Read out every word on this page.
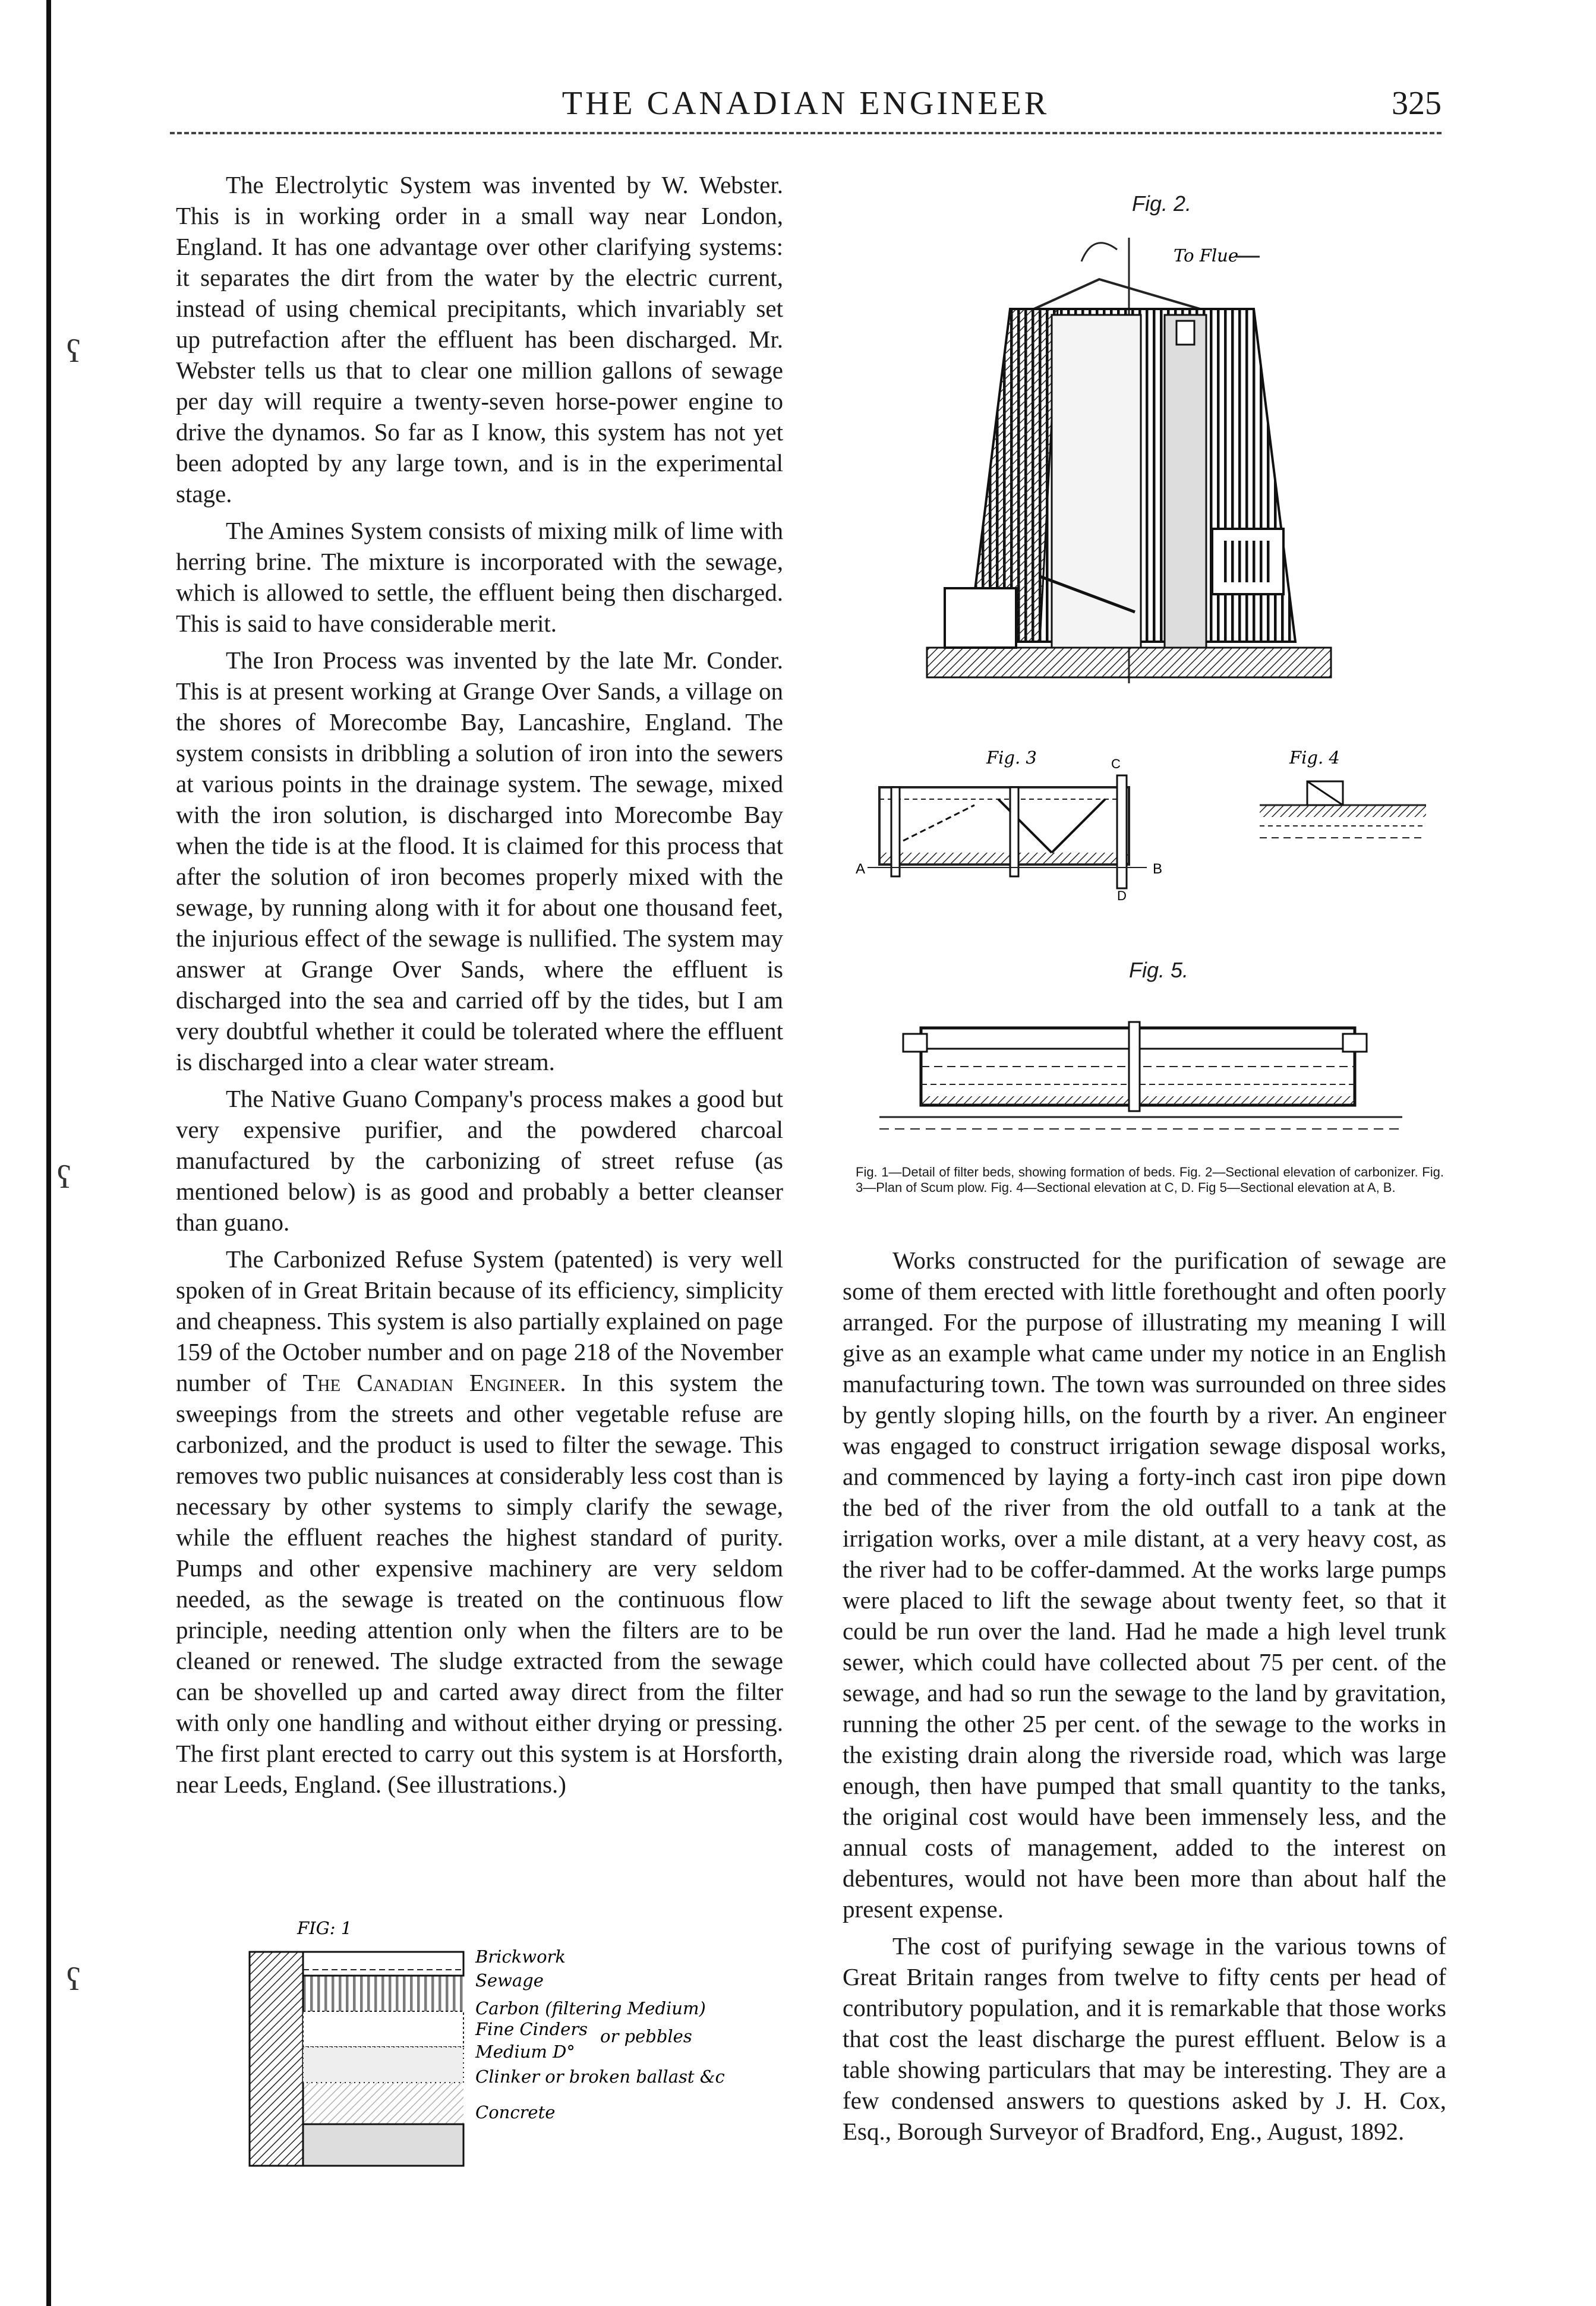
ʕ
ʕ
ʕ
THE CANADIAN ENGINEER	325

The Electrolytic System was invented by W. Webster. This is in working order in a small way near London, England. It has one advantage over other clarifying systems: it separates the dirt from the water by the electric current, instead of using chemical precipitants, which invariably set up putrefaction after the effluent has been discharged. Mr. Webster tells us that to clear one million gallons of sewage per day will require a twenty-seven horse-power engine to drive the dynamos. So far as I know, this system has not yet been adopted by any large town, and is in the experimental stage.

The Amines System consists of mixing milk of lime with herring brine. The mixture is incorporated with the sewage, which is allowed to settle, the effluent being then discharged. This is said to have considerable merit.

The Iron Process was invented by the late Mr. Conder. This is at present working at Grange Over Sands, a village on the shores of Morecombe Bay, Lancashire, England. The system consists in dribbling a solution of iron into the sewers at various points in the drainage system. The sewage, mixed with the iron solution, is discharged into Morecombe Bay when the tide is at the flood. It is claimed for this process that after the solution of iron becomes properly mixed with the sewage, by running along with it for about one thousand feet, the injurious effect of the sewage is nullified. The system may answer at Grange Over Sands, where the effluent is discharged into the sea and carried off by the tides, but I am very doubtful whether it could be tolerated where the effluent is discharged into a clear water stream.

The Native Guano Company's process makes a good but very expensive purifier, and the powdered charcoal manufactured by the carbonizing of street refuse (as mentioned below) is as good and probably a better cleanser than guano.

The Carbonized Refuse System (patented) is very well spoken of in Great Britain because of its efficiency, simplicity and cheapness. This system is also partially explained on page 159 of the October number and on page 218 of the November number of The Canadian Engineer. In this system the sweepings from the streets and other vegetable refuse are carbonized, and the product is used to filter the sewage. This removes two public nuisances at considerably less cost than is necessary by other systems to simply clarify the sewage, while the effluent reaches the highest standard of purity. Pumps and other expensive machinery are very seldom needed, as the sewage is treated on the continuous flow principle, needing attention only when the filters are to be cleaned or renewed. The sludge extracted from the sewage can be shovelled up and carted away direct from the filter with only one handling and without either drying or pressing. The first plant erected to carry out this system is at Horsforth, near Leeds, England. (See illustrations.)

Fig. 2.
To Flue
Fig. 3
A	B
C
D
Fig. 4
Fig. 5.
Fig. 1—Detail of filter beds, showing formation of beds. Fig. 2—Sectional elevation of carbonizer. Fig. 3—Plan of Scum plow. Fig. 4—Sectional elevation at C, D. Fig 5—Sectional elevation at A, B.

Works constructed for the purification of sewage are some of them erected with little forethought and often poorly arranged. For the purpose of illustrating my meaning I will give as an example what came under my notice in an English manufacturing town. The town was surrounded on three sides by gently sloping hills, on the fourth by a river. An engineer was engaged to construct irrigation sewage disposal works, and commenced by laying a forty-inch cast iron pipe down the bed of the river from the old outfall to a tank at the irrigation works, over a mile distant, at a very heavy cost, as the river had to be coffer-dammed. At the works large pumps were placed to lift the sewage about twenty feet, so that it could be run over the land. Had he made a high level trunk sewer, which could have collected about 75 per cent. of the sewage, and had so run the sewage to the land by gravitation, running the other 25 per cent. of the sewage to the works in the existing drain along the riverside road, which was large enough, then have pumped that small quantity to the tanks, the original cost would have been immensely less, and the annual costs of management, added to the interest on debentures, would not have been more than about half the present expense.

The cost of purifying sewage in the various towns of Great Britain ranges from twelve to fifty cents per head of contributory population, and it is remarkable that those works that cost the least discharge the purest effluent. Below is a table showing particulars that may be interesting. They are a few condensed answers to questions asked by J. H. Cox, Esq., Borough Surveyor of Bradford, Eng., August, 1892.

FIG: 1
Brickwork
Sewage
Carbon (filtering Medium)
Fine Cinders or pebbles
Medium D°
Clinker or broken ballast &c
Concrete
